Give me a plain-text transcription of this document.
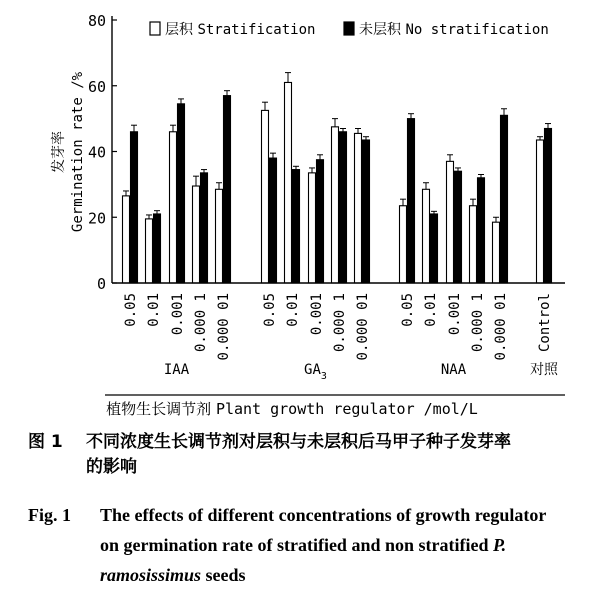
发芽率 Germination rate /%
0
20
40
60
80
0.05 0.01 0.001 0.000 1 0.000 01 0.05 0.01 0.001 0.000 1 0.000 01 0.05 0.01 0.001 0.000 1 0.000 01 Control
IAA	$GA_3$	NAA	对照
层积 Stratification	未层积 No stratification
植物生长调节剂 Plant growth regulator /mol/L
图 1 不同浓度生长调节剂对层积与未层积后马甲子种子发芽率
的影响
Fig. 1 The effects of different concentrations of growth regulator
on germination rate of stratified and non stratified P.
ramosissimus seeds
